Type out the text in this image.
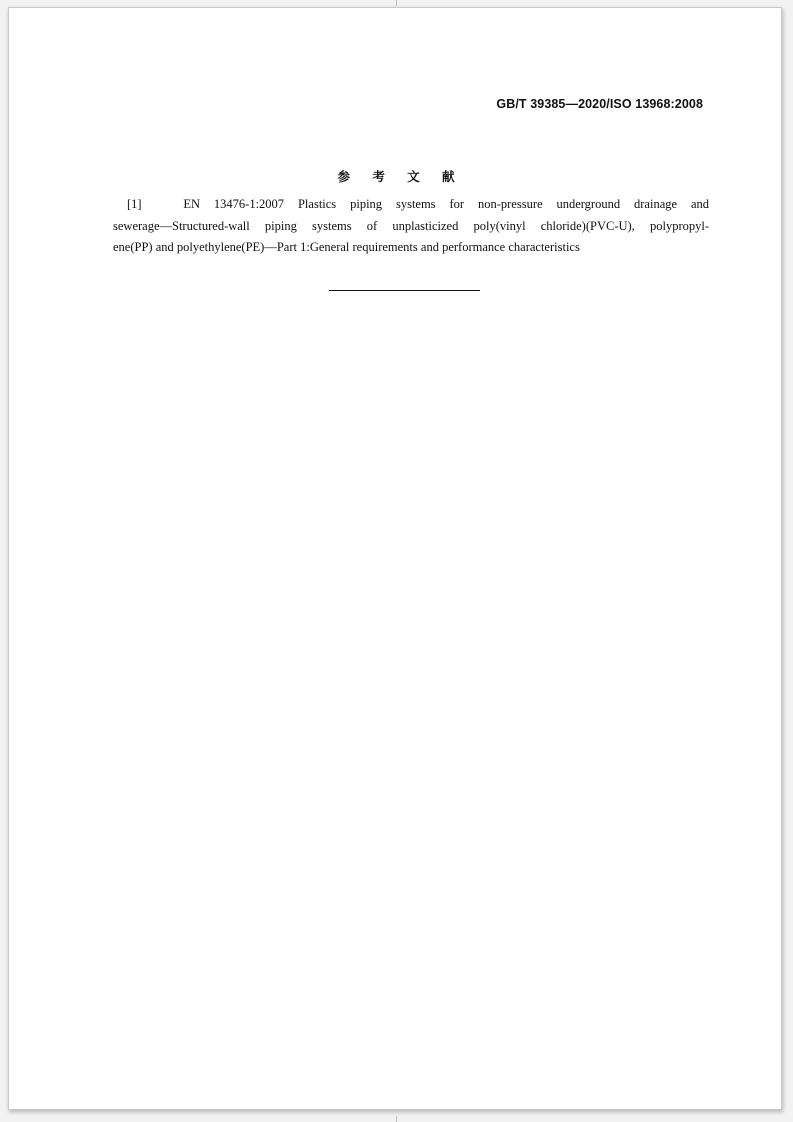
GB/T 39385—2020/ISO 13968:2008
参 考 文 献
[1]	EN 13476-1:2007 Plastics piping systems for non-pressure underground drainage and
sewerage—Structured-wall piping systems of unplasticized poly(vinyl chloride)(PVC-U), polypropyl-
ene(PP) and polyethylene(PE)—Part 1:General requirements and performance characteristics
